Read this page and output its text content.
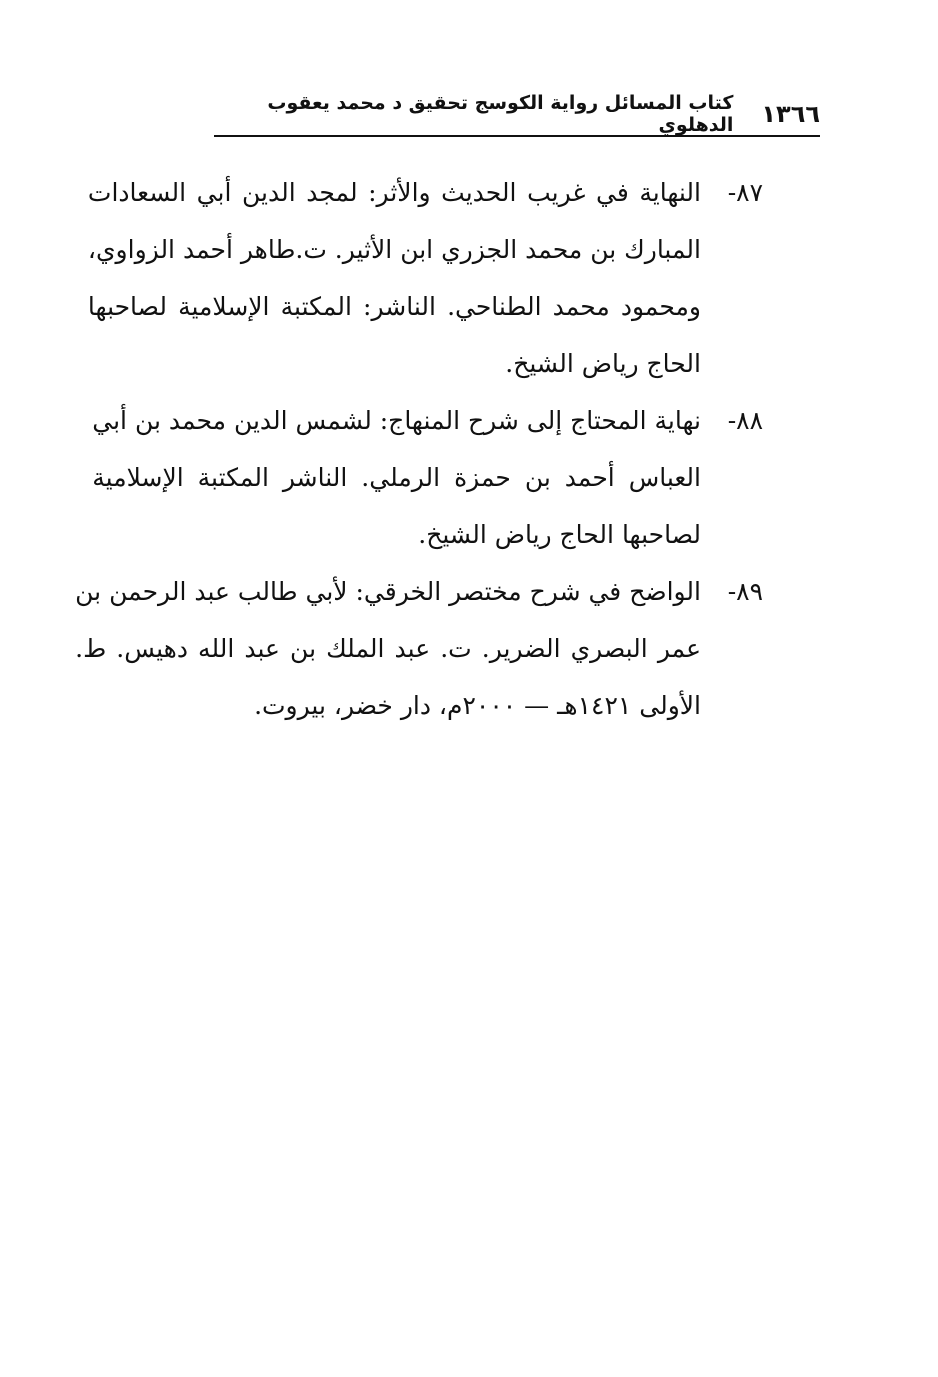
١٣٦٦
كتاب المسائل رواية الكوسج تحقيق د محمد يعقوب الدهلوي
٨٧-
النهاية في غريب الحديث والأثر: لمجد الدين أبي السعادات
المبارك بن محمد الجزري ابن الأثير. ت.طاهر أحمد الزواوي،
ومحمود محمد الطناحي. الناشر: المكتبة الإسلامية لصاحبها
الحاج رياض الشيخ.
٨٨-
نهاية المحتاج إلى شرح المنهاج: لشمس الدين محمد بن أبي
العباس أحمد بن حمزة الرملي. الناشر المكتبة الإسلامية
لصاحبها الحاج رياض الشيخ.
٨٩-
الواضح في شرح مختصر الخرقي: لأبي طالب عبد الرحمن بن
عمر البصري الضرير. ت. عبد الملك بن عبد الله دهيس. ط.
الأولى ١٤٢١هـ — ٢٠٠٠م، دار خضر، بيروت.
